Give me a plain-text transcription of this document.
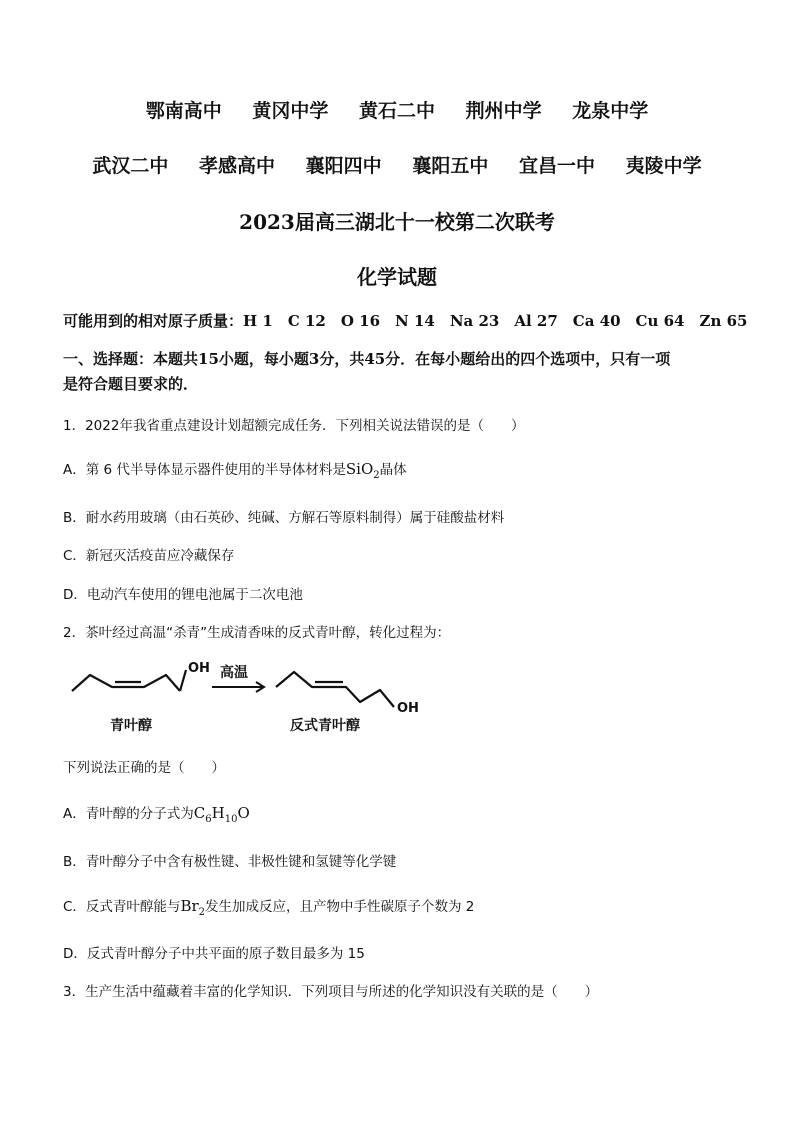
鄂南高中 黄冈中学 黄石二中 荆州中学 龙泉中学
武汉二中 孝感高中 襄阳四中 襄阳五中 宜昌一中 夷陵中学
2023届高三湖北十一校第二次联考
化学试题
可能用到的相对原子质量：H 1　C 12　O 16　N 14　Na 23　Al 27　Ca 40　Cu 64　Zn 65
一、选择题：本题共15小题，每小题3分，共45分．在每小题给出的四个选项中，只有一项
是符合题目要求的．
1．2022年我省重点建设计划超额完成任务．下列相关说法错误的是（　　）
A．第 6 代半导体显示器件使用的半导体材料是SiO$_2$晶体
B．耐水药用玻璃（由石英砂、纯碱、方解石等原料制得）属于硅酸盐材料
C．新冠灭活疫苗应冷藏保存
D．电动汽车使用的锂电池属于二次电池
2．茶叶经过高温“杀青”生成清香味的反式青叶醇，转化过程为：
OH
青叶醇
高温
OH
反式青叶醇
下列说法正确的是（　　）
A．青叶醇的分子式为$C_6H_{10}O$
B．青叶醇分子中含有极性键、非极性键和氢键等化学键
C．反式青叶醇能与$Br_2$发生加成反应，且产物中手性碳原子个数为 2
D．反式青叶醇分子中共平面的原子数目最多为 15
3．生产生活中蕴藏着丰富的化学知识．下列项目与所述的化学知识没有关联的是（　　）
